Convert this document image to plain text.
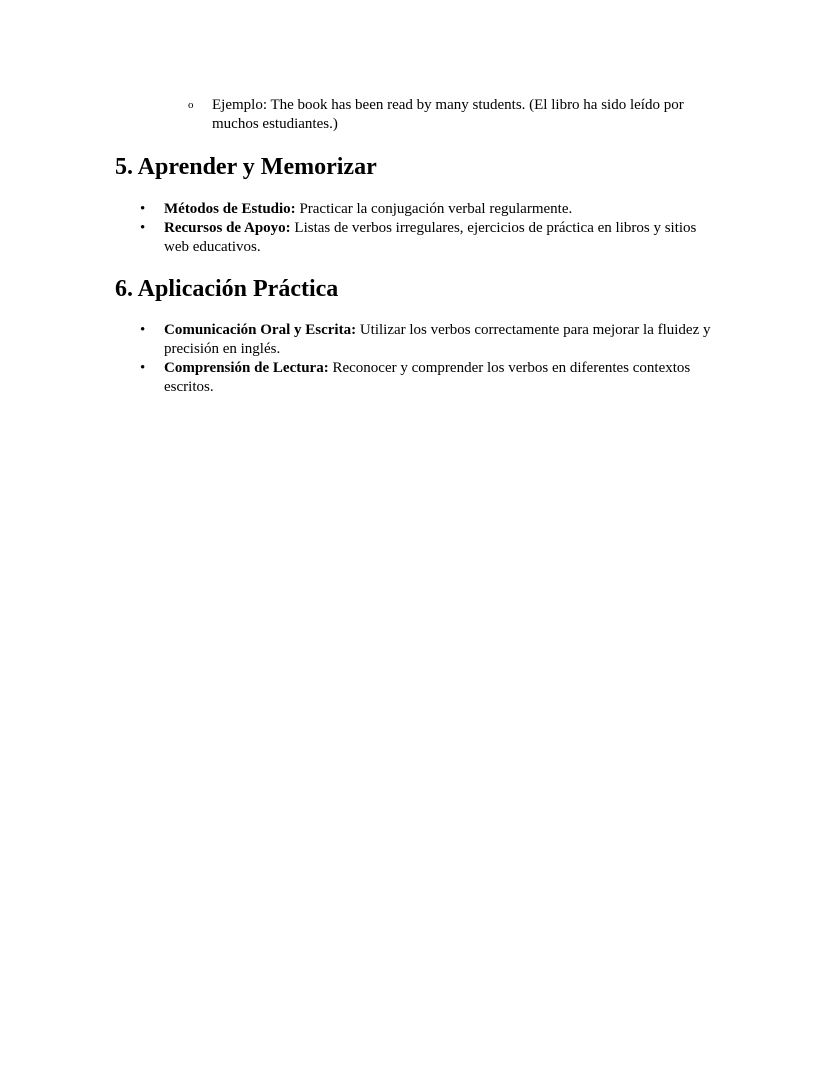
o Ejemplo: The book has been read by many students. (El libro ha sido leído por muchos estudiantes.)
5. Aprender y Memorizar
• Métodos de Estudio: Practicar la conjugación verbal regularmente.
• Recursos de Apoyo: Listas de verbos irregulares, ejercicios de práctica en libros y sitios web educativos.
6. Aplicación Práctica
• Comunicación Oral y Escrita: Utilizar los verbos correctamente para mejorar la fluidez y precisión en inglés.
• Comprensión de Lectura: Reconocer y comprender los verbos en diferentes contextos escritos.
